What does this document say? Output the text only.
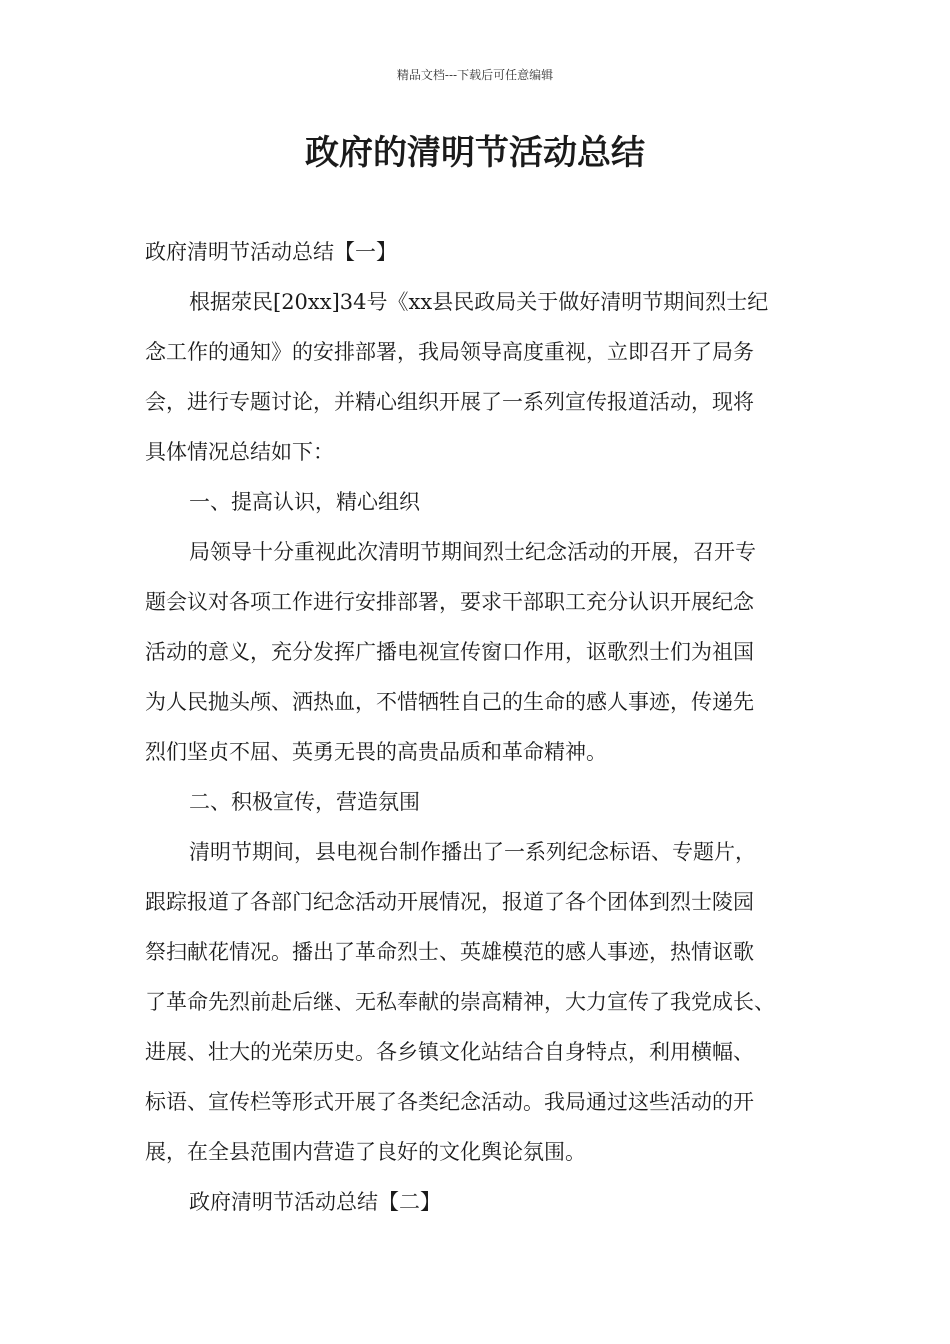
精品文档---下载后可任意编辑
政府的清明节活动总结

政府清明节活动总结【一】

根据荥民[20xx]34号《xx县民政局关于做好清明节期间烈士纪

念工作的通知》的安排部署，我局领导高度重视，立即召开了局务

会，进行专题讨论，并精心组织开展了一系列宣传报道活动，现将

具体情况总结如下：

一、提高认识，精心组织

局领导十分重视此次清明节期间烈士纪念活动的开展，召开专

题会议对各项工作进行安排部署，要求干部职工充分认识开展纪念

活动的意义，充分发挥广播电视宣传窗口作用，讴歌烈士们为祖国

为人民抛头颅、洒热血，不惜牺牲自己的生命的感人事迹，传递先

烈们坚贞不屈、英勇无畏的高贵品质和革命精神。

二、积极宣传，营造氛围

清明节期间，县电视台制作播出了一系列纪念标语、专题片，

跟踪报道了各部门纪念活动开展情况，报道了各个团体到烈士陵园

祭扫献花情况。播出了革命烈士、英雄模范的感人事迹，热情讴歌

了革命先烈前赴后继、无私奉献的崇高精神，大力宣传了我党成长、

进展、壮大的光荣历史。各乡镇文化站结合自身特点，利用横幅、

标语、宣传栏等形式开展了各类纪念活动。我局通过这些活动的开

展，在全县范围内营造了良好的文化舆论氛围。

政府清明节活动总结【二】
